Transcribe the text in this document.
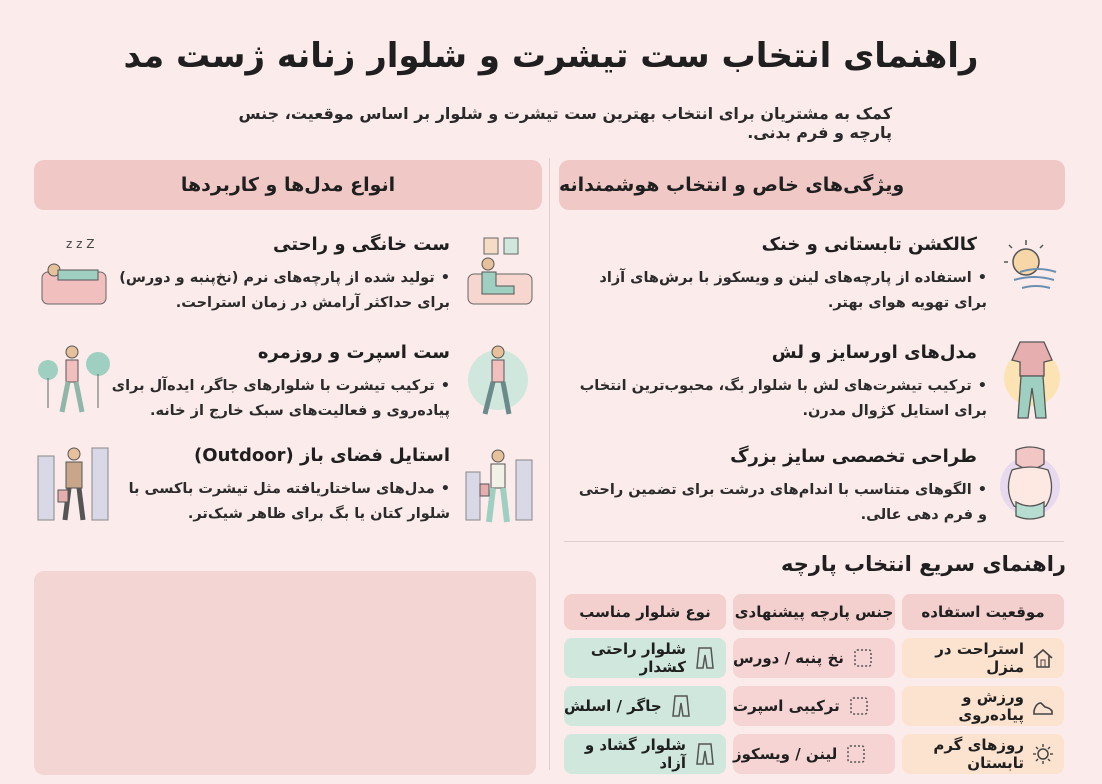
راهنمای انتخاب ست تیشرت و شلوار زنانه ژست مد
کمک به مشتریان برای انتخاب بهترین ست تیشرت و شلوار بر اساس موقعیت، جنس پارچه و فرم بدنی.
ویژگی‌های خاص و انتخاب هوشمندانه
انواع مدل‌ها و کاربردها
کالکشن تابستانی و خنک
• استفاده از پارچه‌های لینن و ویسکوز با برش‌های آزاد برای تهویه هوای بهتر.
مدل‌های اورسایز و لش
• ترکیب تیشرت‌های لش با شلوار بگ، محبوب‌ترین انتخاب برای استایل کژوال مدرن.
طراحی تخصصی سایز بزرگ
• الگوهای متناسب با اندام‌های درشت برای تضمین راحتی و فرم دهی عالی.
z z Z	ست خانگی و راحتی
• تولید شده از پارچه‌های نرم (نخ‌پنبه و دورس) برای حداکثر آرامش در زمان استراحت.
ست اسپرت و روزمره
• ترکیب تیشرت با شلوارهای جاگر، ایده‌آل برای پیاده‌روی و فعالیت‌های سبک خارج از خانه.
استایل فضای باز (Outdoor)
• مدل‌های ساختاریافته مثل تیشرت باکسی با شلوار کتان یا بگ برای ظاهر شیک‌تر.
راهنمای سریع انتخاب پارچه
موقعیت استفاده
جنس پارچه پیشنهادی
نوع شلوار مناسب
استراحت در منزل
نخ پنبه / دورس
شلوار راحتی کشدار
ورزش و پیاده‌روی
ترکیبی اسپرت
جاگر / اسلش
روزهای گرم تابستان
لینن / ویسکوز
شلوار گشاد و آزاد
